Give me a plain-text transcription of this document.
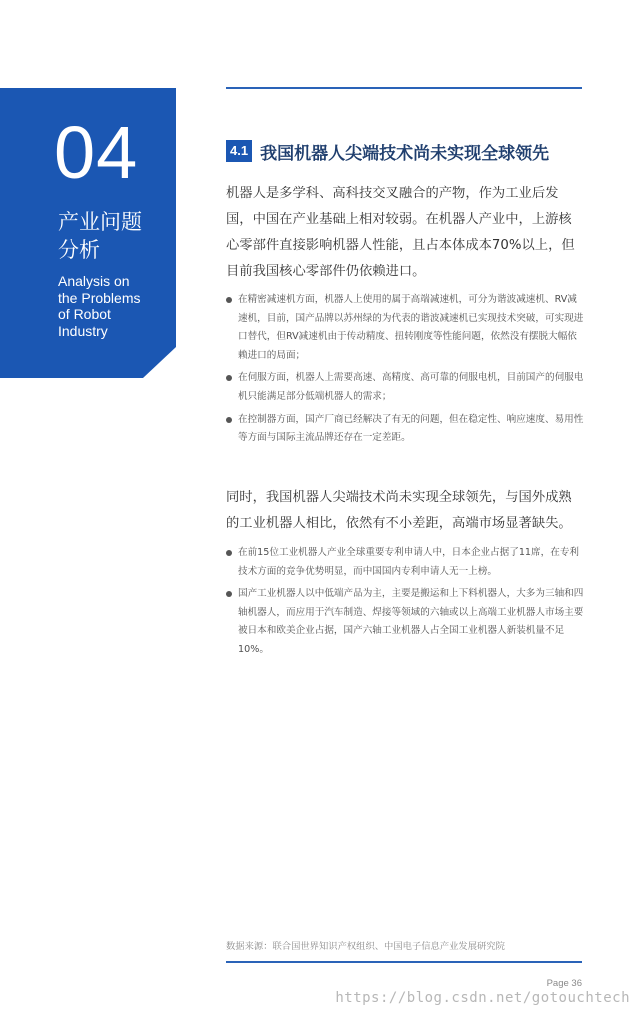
04
产业问题
分析
Analysis on
the Problems
of Robot
Industry
4.1 我国机器人尖端技术尚未实现全球领先
机器人是多学科、高科技交叉融合的产物，作为工业后发国，中国在产业基础上相对较弱。在机器人产业中，上游核心零部件直接影响机器人性能，且占本体成本70%以上，但目前我国核心零部件仍依赖进口。
在精密减速机方面，机器人上使用的属于高端减速机，可分为谐波减速机、RV减速机，目前，国产品牌以苏州绿的为代表的谐波减速机已实现技术突破，可实现进口替代，但RV减速机由于传动精度、扭转刚度等性能问题，依然没有摆脱大幅依赖进口的局面；
在伺服方面，机器人上需要高速、高精度、高可靠的伺服电机，目前国产的伺服电机只能满足部分低端机器人的需求；
在控制器方面，国产厂商已经解决了有无的问题，但在稳定性、响应速度、易用性等方面与国际主流品牌还存在一定差距。
同时，我国机器人尖端技术尚未实现全球领先，与国外成熟的工业机器人相比，依然有不小差距，高端市场显著缺失。
在前15位工业机器人产业全球重要专利申请人中，日本企业占据了11席，在专利技术方面的竞争优势明显，而中国国内专利申请人无一上榜。
国产工业机器人以中低端产品为主，主要是搬运和上下料机器人，大多为三轴和四轴机器人，而应用于汽车制造、焊接等领域的六轴或以上高端工业机器人市场主要被日本和欧美企业占据，国产六轴工业机器人占全国工业机器人新装机量不足10%。
数据来源：联合国世界知识产权组织、中国电子信息产业发展研究院
Page 36
https://blog.csdn.net/gotouchtech
